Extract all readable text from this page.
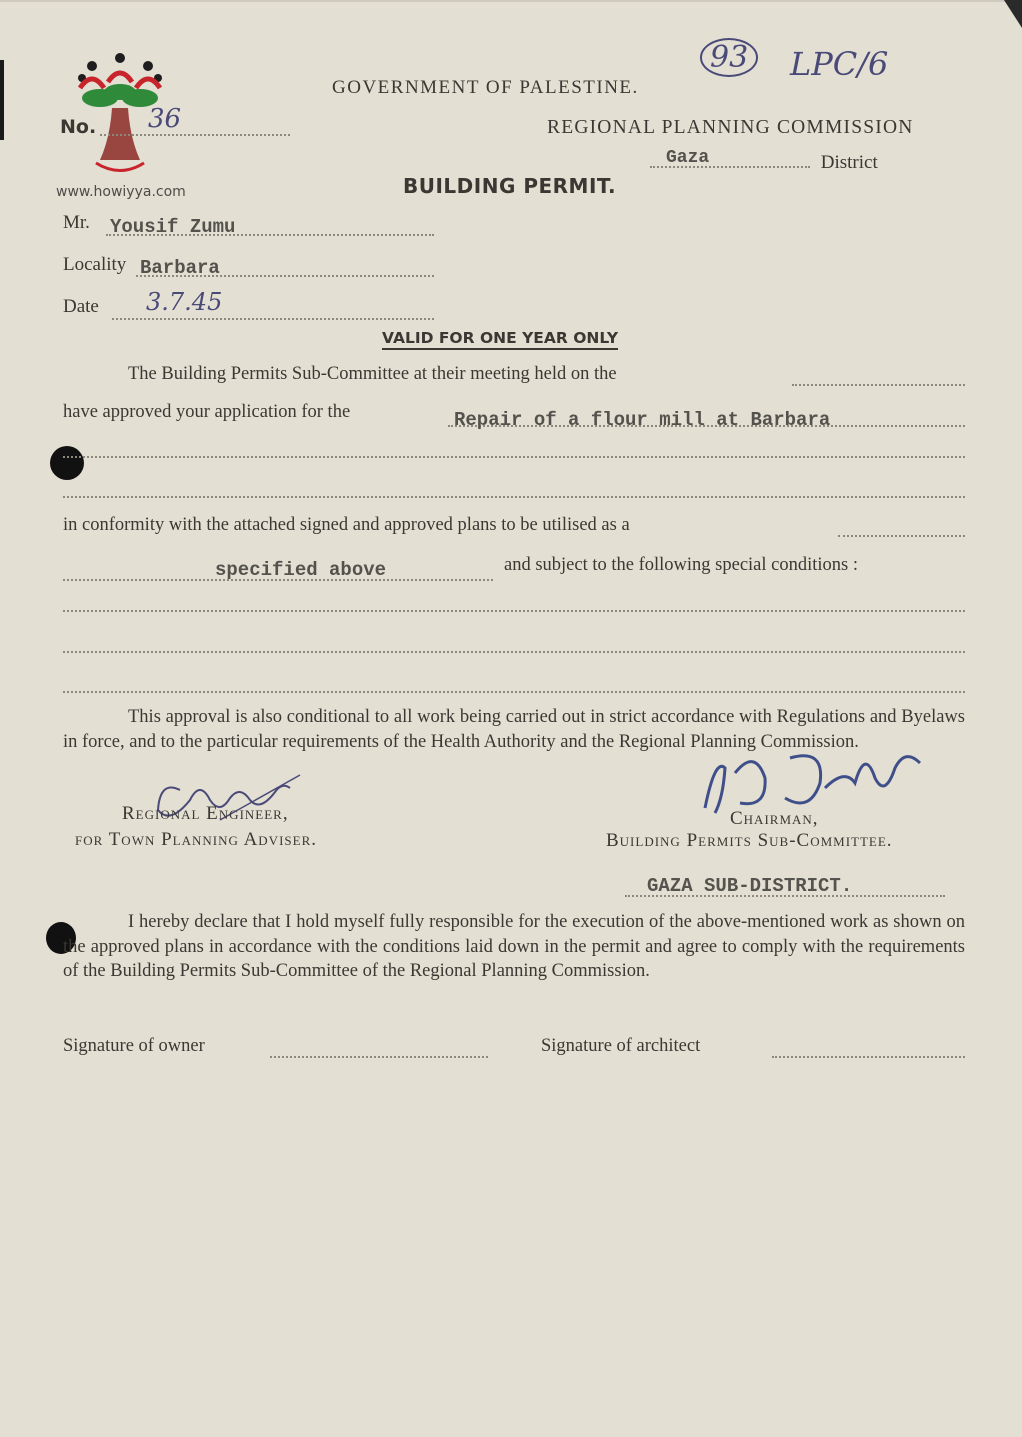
www.howiyya.com
No. 36
GOVERNMENT OF PALESTINE.
93	LPC/6
REGIONAL PLANNING COMMISSION
Gaza	District
BUILDING PERMIT.
Mr. Yousif Zumu
Locality Barbara
Date 3.7.45
VALID FOR ONE YEAR ONLY
The Building Permits Sub-Committee at their meeting held on the
have approved your application for the	Repair of a flour mill at Barbara
in conformity with the attached signed and approved plans to be utilised as a
specified above	and subject to the following special conditions :
This approval is also conditional to all work being carried out in strict accordance with Regulations and Byelaws in force, and to the particular requirements of the Health Authority and the Regional Planning Commission.
Regional Engineer,
for Town Planning Adviser.
Chairman,
Building Permits Sub-Committee.
GAZA SUB-DISTRICT.
I hereby declare that I hold myself fully responsible for the execution of the above-mentioned work as shown on the approved plans in accordance with the conditions laid down in the permit and agree to comply with the requirements of the Building Permits Sub-Committee of the Regional Planning Commission.
Signature of owner	Signature of architect
